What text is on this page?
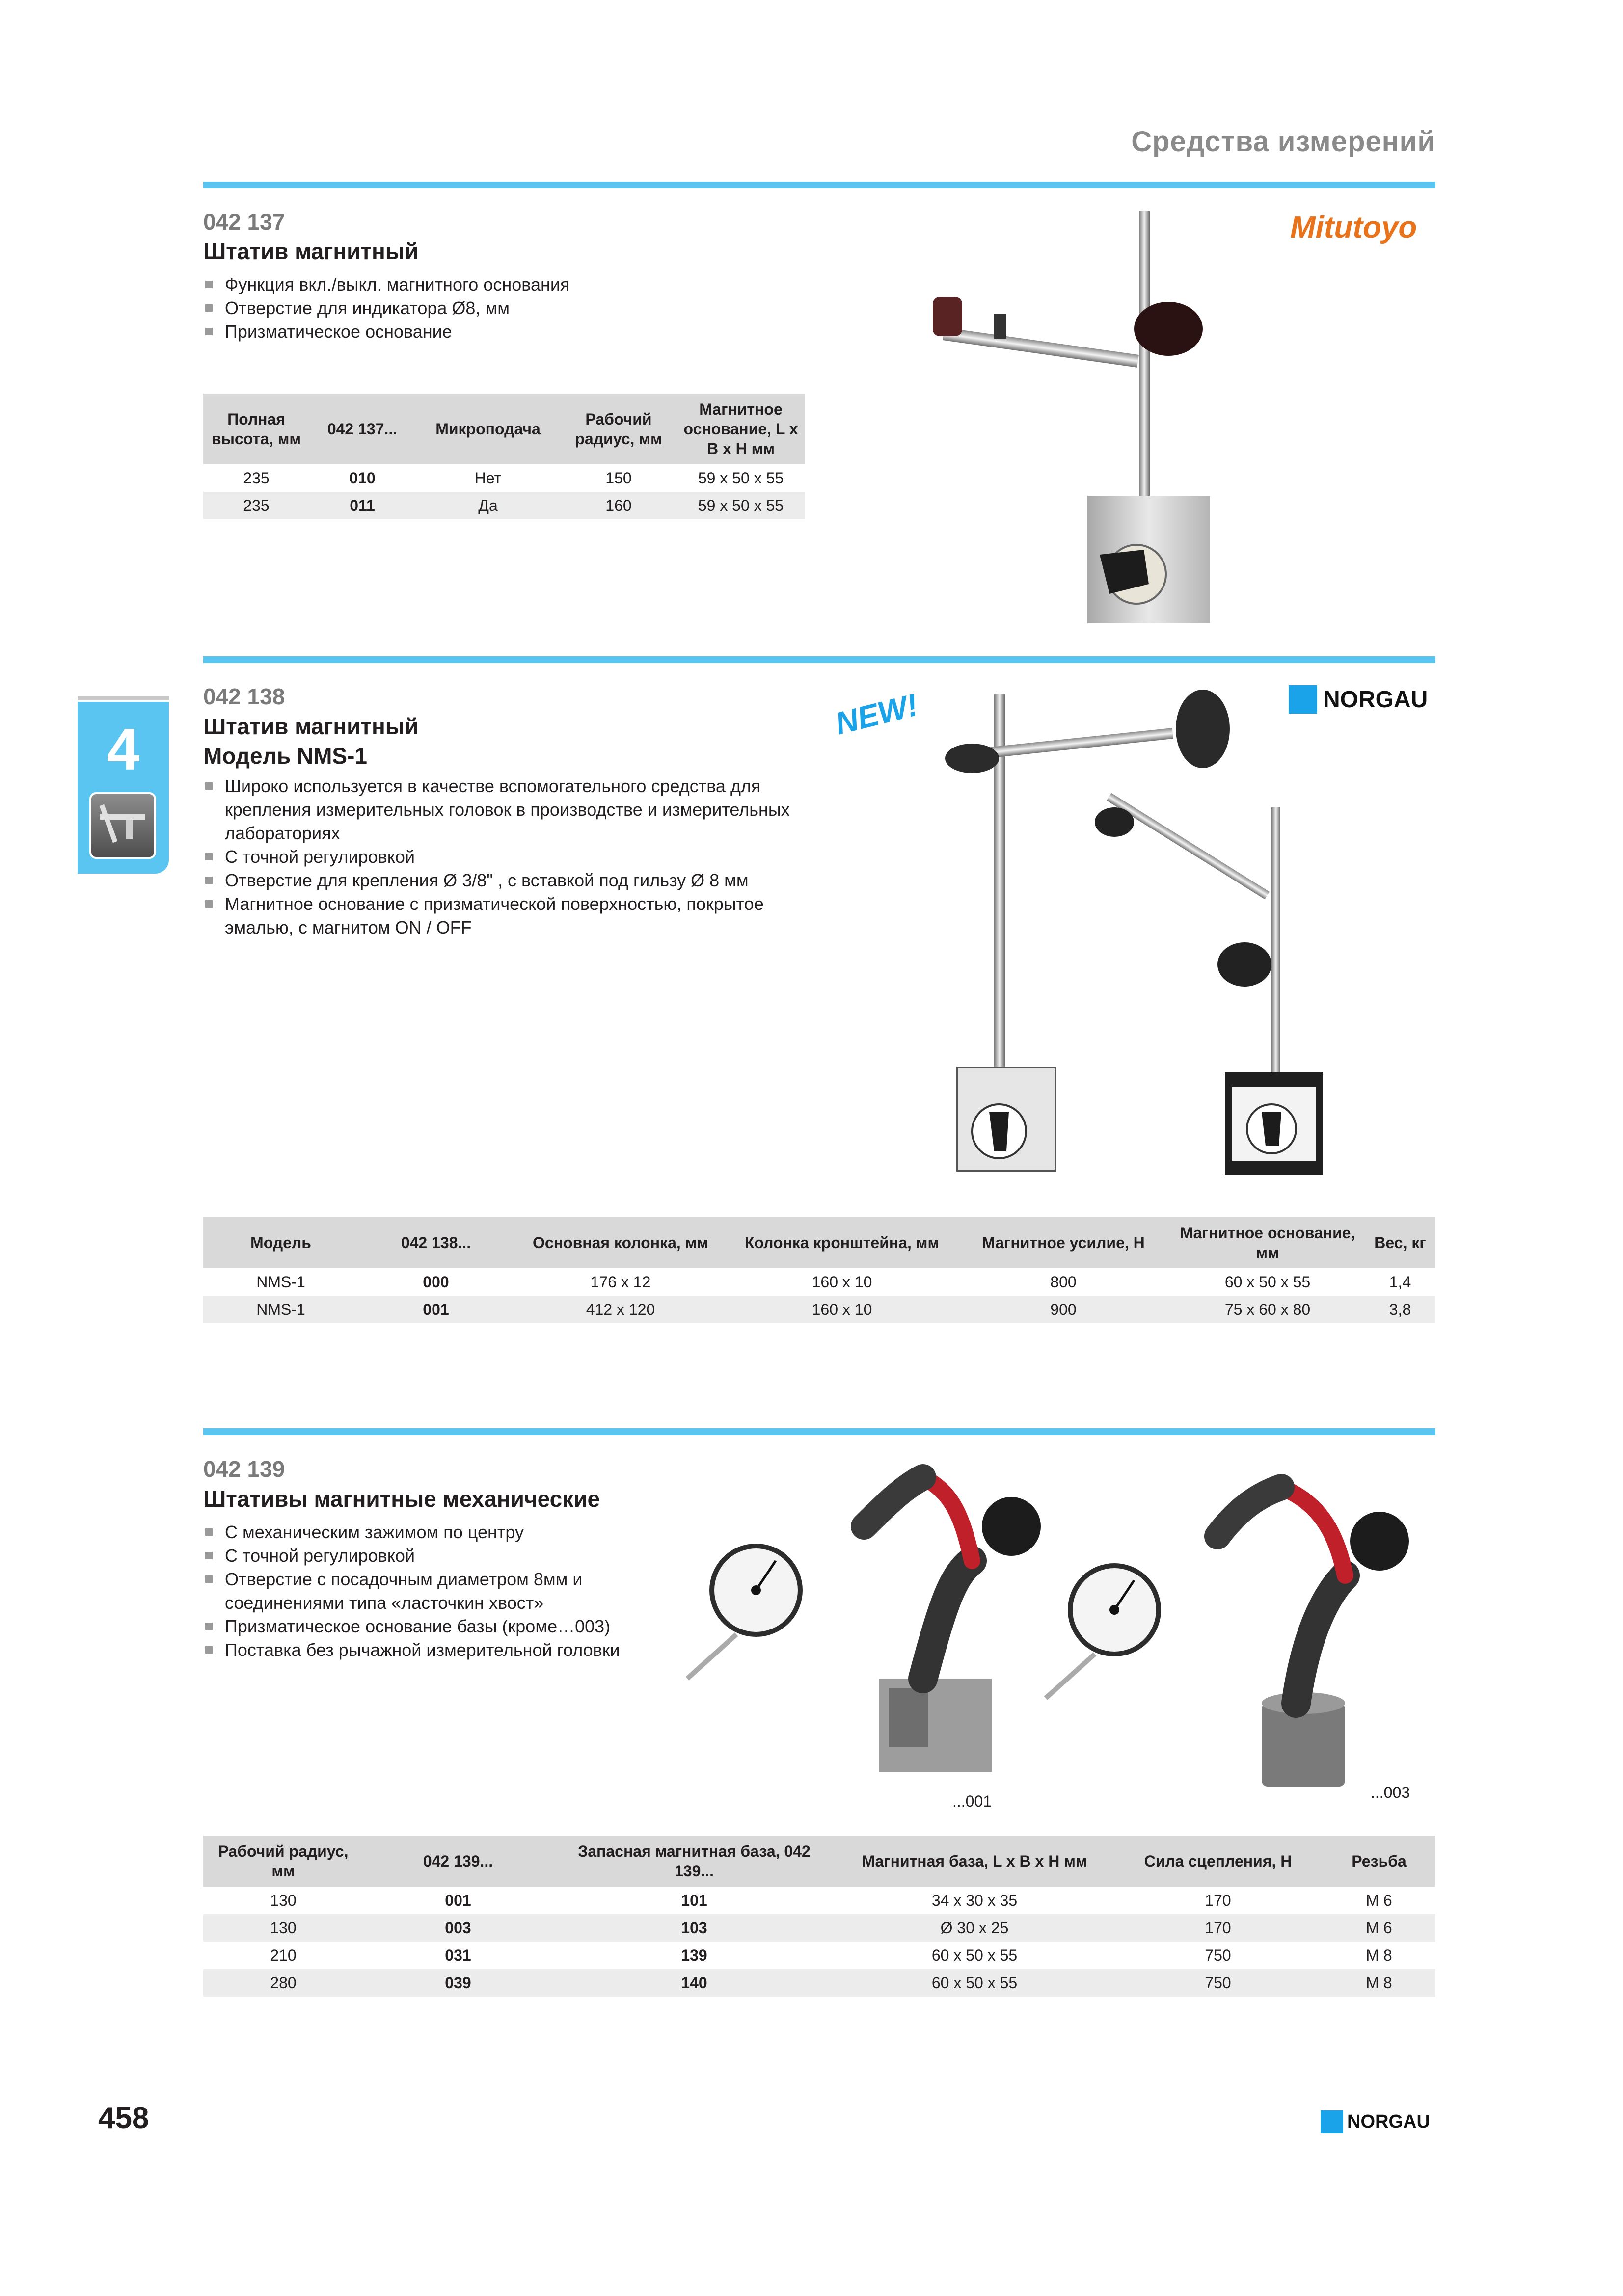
Средства измерений
4
042 137
Штатив магнитный
Функция вкл./выкл. магнитного основания
Отверстие для индикатора Ø8, мм
Призматическое основание
Mitutoyo
Полная высота, мм	042 137...	Микроподача	Рабочий радиус, мм	Магнитное основание, L x B x H мм
235	010	Нет	150	59 x 50 x 55
235	011	Да	160	59 x 50 x 55
042 138
Штатив магнитный
Модель NMS-1
Широко используется в качестве вспомогательного средства для крепления измерительных головок в производстве и измерительных лабораториях
С точной регулировкой
Отверстие для крепления Ø 3/8" , с вставкой под гильзу Ø 8 мм
Магнитное основание с призматической поверхностью, покрытое эмалью, с магнитом ON / OFF
NORGAU
NEW!
Модель	042 138...	Основная колонка, мм	Колонка кронштейна, мм	Магнитное усилие, Н	Магнитное основание, мм	Вес, кг
NMS-1	000	176 x 12	160 x 10	800	60 x 50 x 55	1,4
NMS-1	001	412 x 120	160 x 10	900	75 x 60 x 80	3,8
042 139
Штативы магнитные механические
С механическим зажимом по центру
С точной регулировкой
Отверстие с посадочным диаметром 8мм и соединениями типа «ласточкин хвост»
Призматическое основание базы (кроме…003)
Поставка без рычажной измерительной головки
...001	...003
Рабочий радиус, мм	042 139...	Запасная магнитная база, 042 139...	Магнитная база, L x B x H мм	Сила сцепления, Н	Резьба
130	001	101	34 x 30 x 35	170	M 6
130	003	103	Ø 30 x 25	170	M 6
210	031	139	60 x 50 x 55	750	M 8
280	039	140	60 x 50 x 55	750	M 8
458	NORGAU
